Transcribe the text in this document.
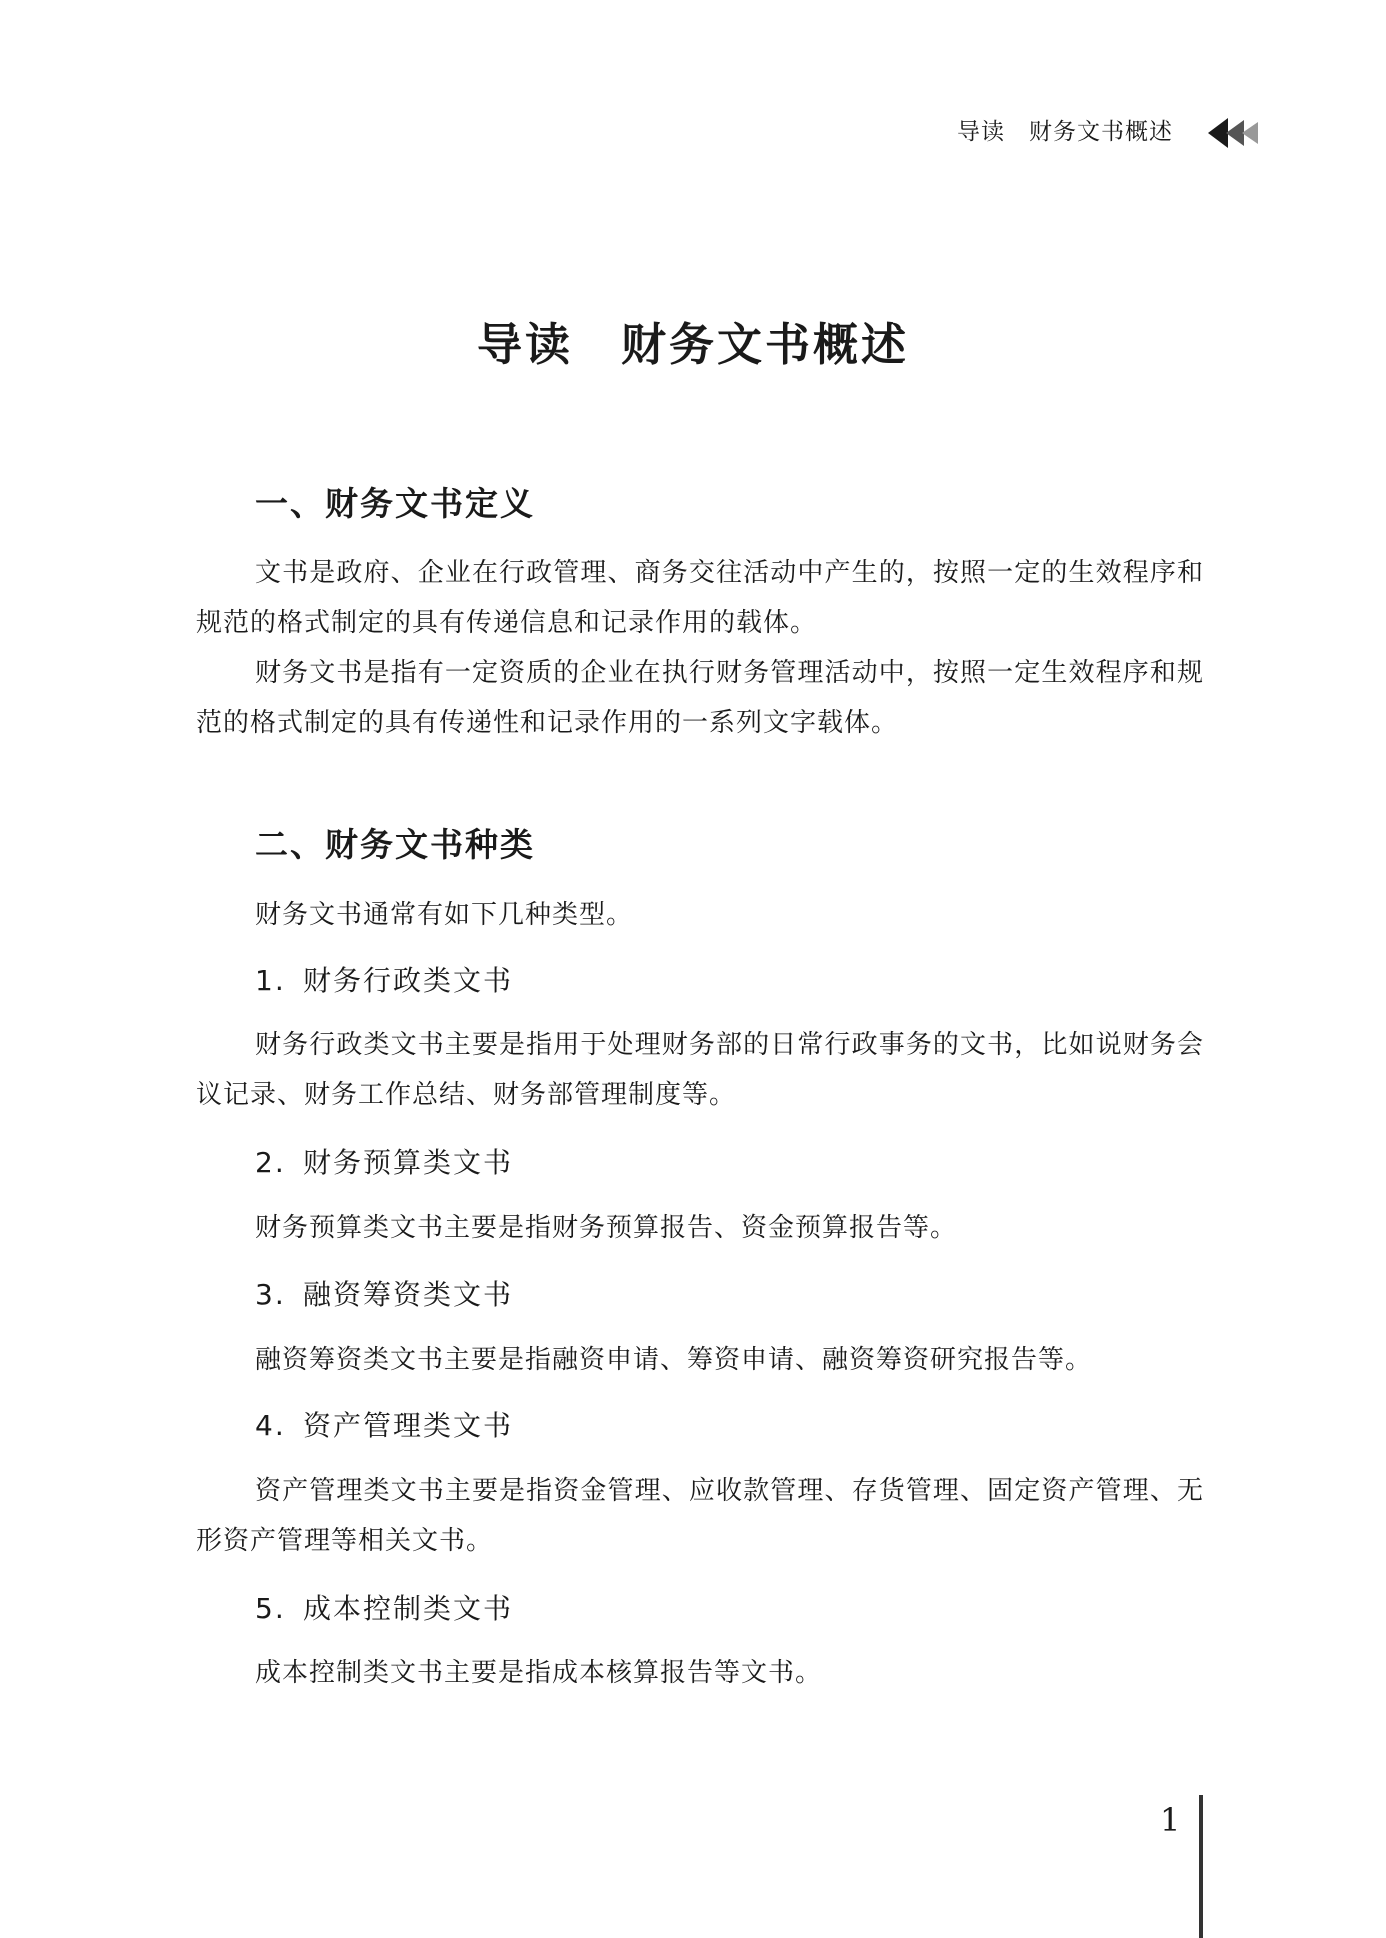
导读　财务文书概述
导读　财务文书概述
一、财务文书定义

文书是政府、企业在行政管理、商务交往活动中产生的，按照一定的生效程序和规范的格式制定的具有传递信息和记录作用的载体。

财务文书是指有一定资质的企业在执行财务管理活动中，按照一定生效程序和规范的格式制定的具有传递性和记录作用的一系列文字载体。

二、财务文书种类

财务文书通常有如下几种类型。

1. 财务行政类文书

财务行政类文书主要是指用于处理财务部的日常行政事务的文书，比如说财务会议记录、财务工作总结、财务部管理制度等。

2. 财务预算类文书

财务预算类文书主要是指财务预算报告、资金预算报告等。

3. 融资筹资类文书

融资筹资类文书主要是指融资申请、筹资申请、融资筹资研究报告等。

4. 资产管理类文书

资产管理类文书主要是指资金管理、应收款管理、存货管理、固定资产管理、无形资产管理等相关文书。

5. 成本控制类文书

成本控制类文书主要是指成本核算报告等文书。

1
